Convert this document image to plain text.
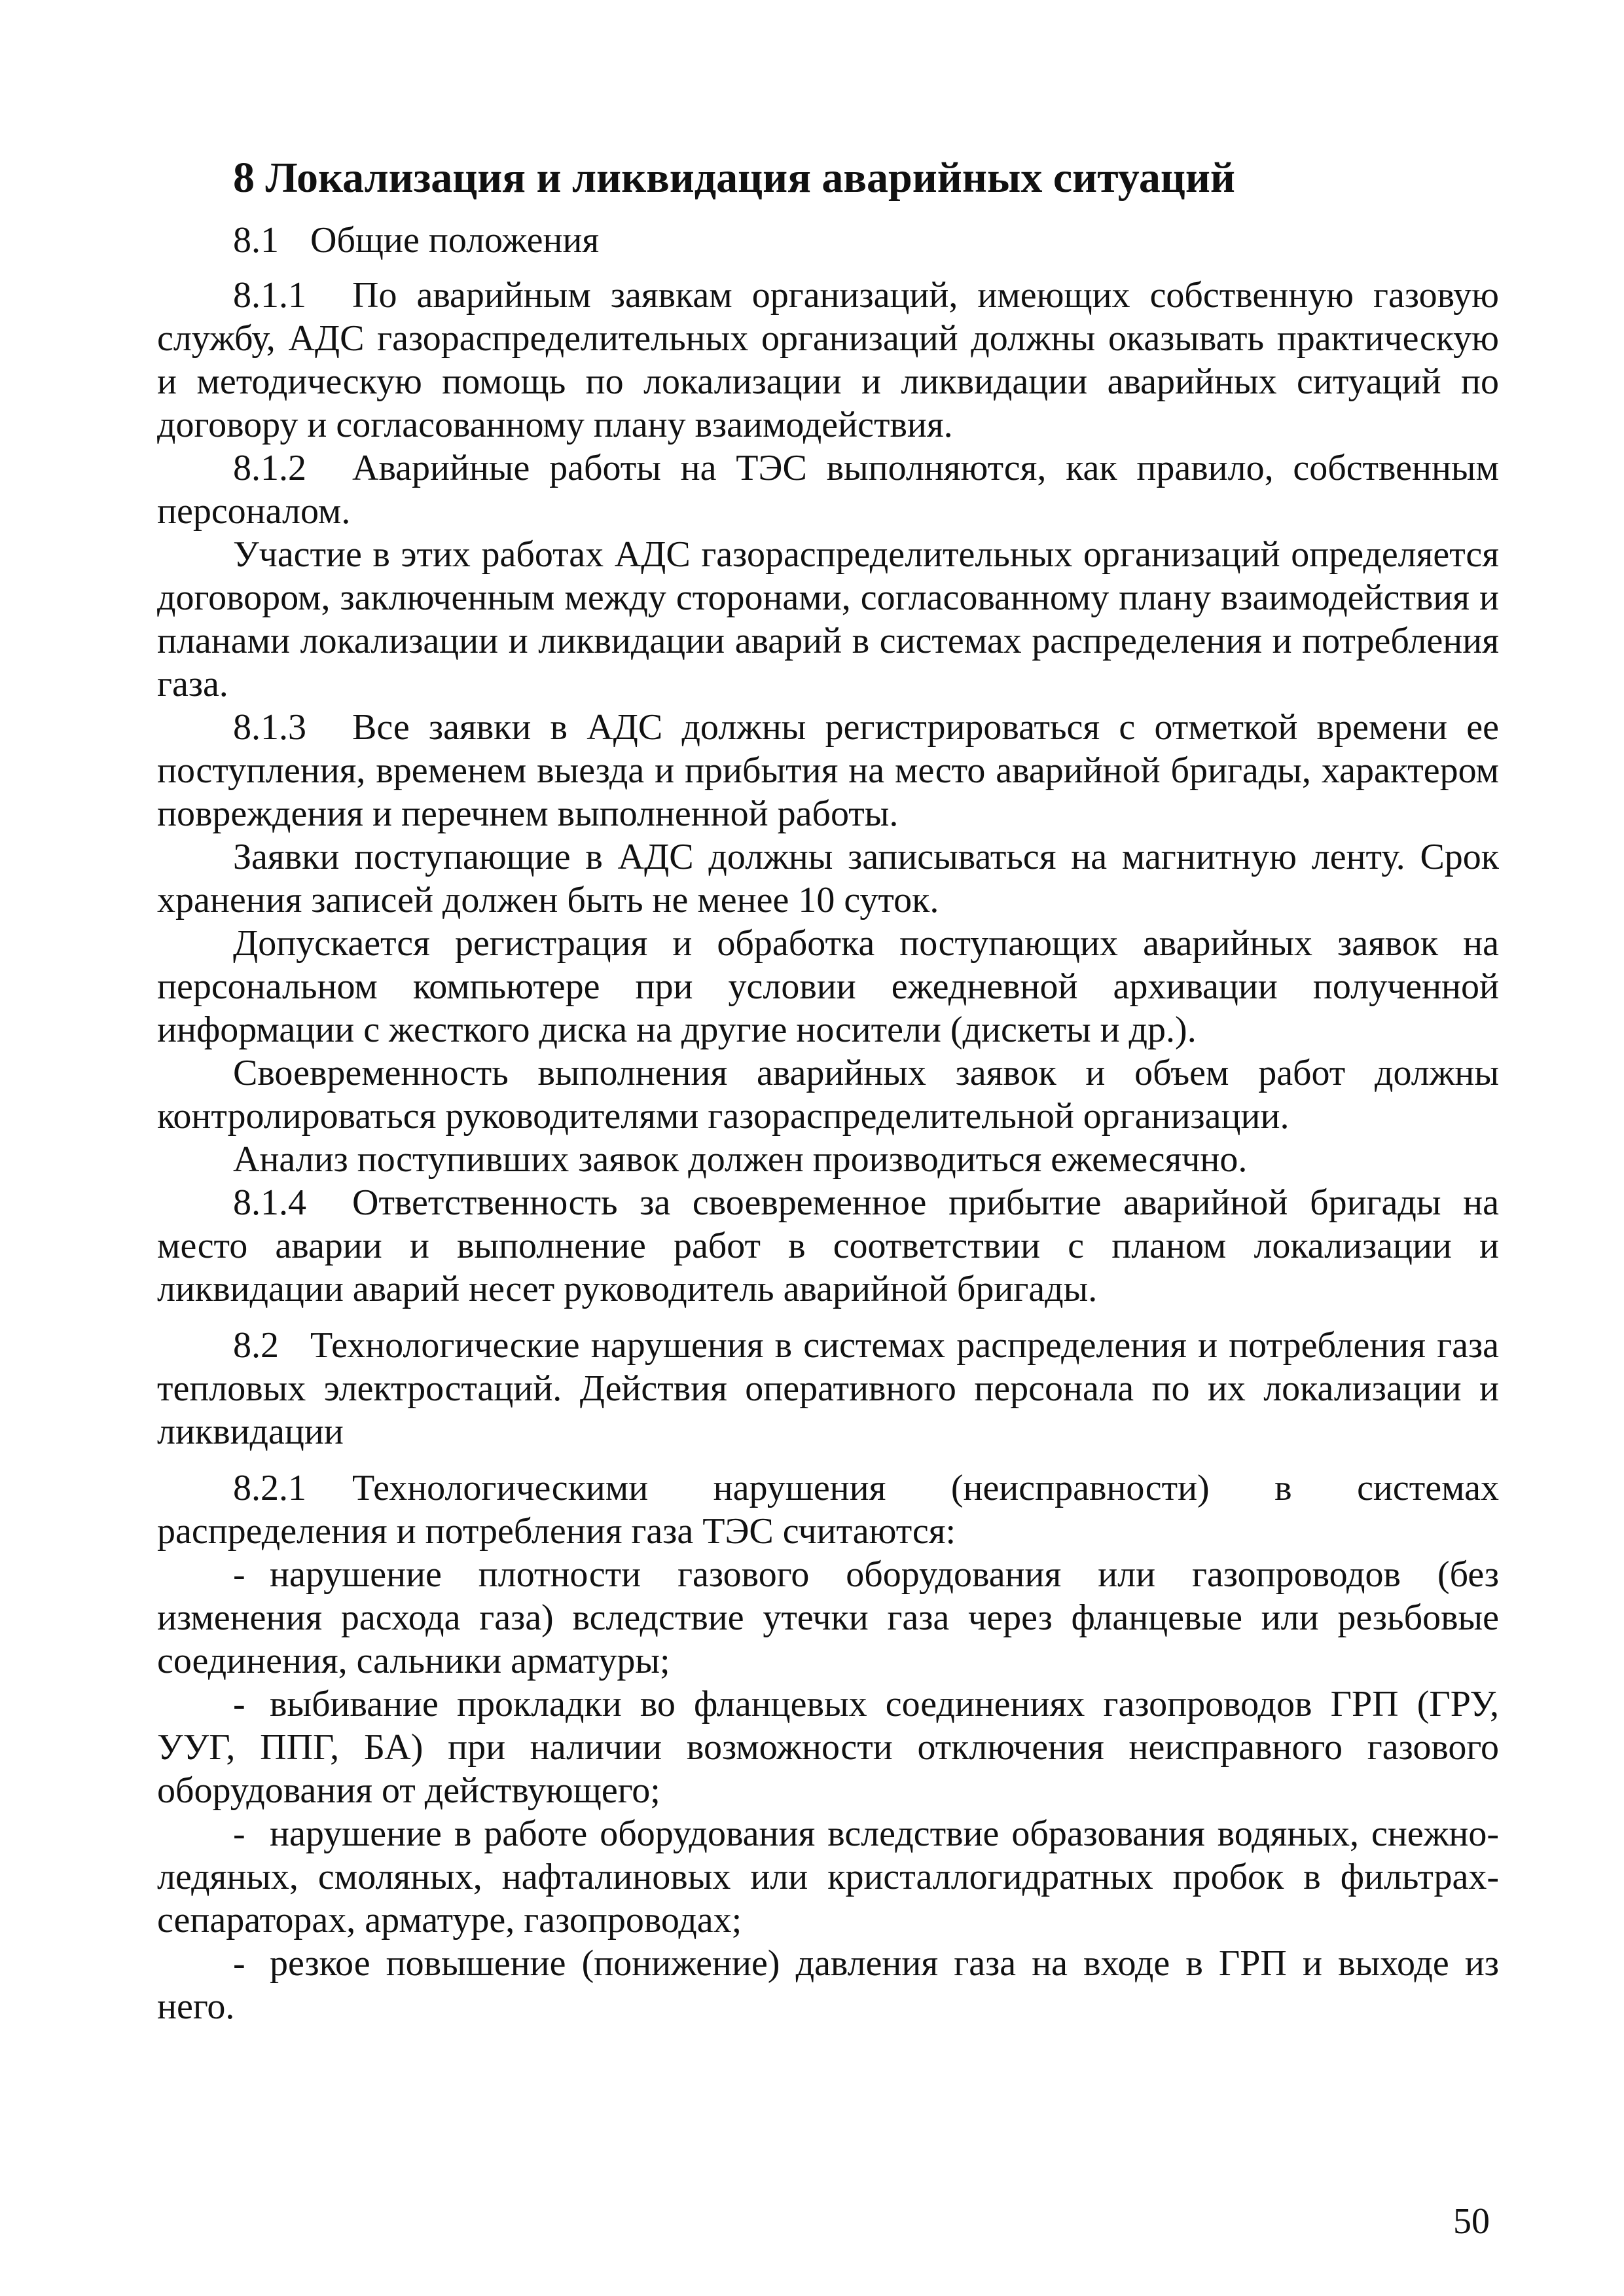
8 Локализация и ликвидация аварийных ситуаций
8.1 Общие положения

8.1.1 По аварийным заявкам организаций, имеющих собственную газовую службу, АДС газораспределительных организаций должны оказывать практическую и методическую помощь по локализации и ликвидации аварийных ситуаций по договору и согласованному плану взаимодействия.

8.1.2 Аварийные работы на ТЭС выполняются, как правило, собственным персоналом.

Участие в этих работах АДС газораспределительных организаций определяется договором, заключенным между сторонами, согласованному плану взаимодействия и планами локализации и ликвидации аварий в системах распределения и потребления газа.

8.1.3 Все заявки в АДС должны регистрироваться с отметкой времени ее поступления, временем выезда и прибытия на место аварийной бригады, характером повреждения и перечнем выполненной работы.

Заявки поступающие в АДС должны записываться на магнитную ленту. Срок хранения записей должен быть не менее 10 суток.

Допускается регистрация и обработка поступающих аварийных заявок на персональном компьютере при условии ежедневной архивации полученной информации с жесткого диска на другие носители (дискеты и др.).

Своевременность выполнения аварийных заявок и объем работ должны контролироваться руководителями газораспределительной организации.

Анализ поступивших заявок должен производиться ежемесячно.

8.1.4 Ответственность за своевременное прибытие аварийной бригады на место аварии и выполнение работ в соответствии с планом локализации и ликвидации аварий несет руководитель аварийной бригады.

8.2 Технологические нарушения в системах распределения и потребления газа тепловых электростаций. Действия оперативного персонала по их локализации и ликвидации

8.2.1 Технологическими нарушения (неисправности) в системах распределения и потребления газа ТЭС считаются:

- нарушение плотности газового оборудования или газопроводов (без изменения расхода газа) вследствие утечки газа через фланцевые или резьбовые соединения, сальники арматуры;

- выбивание прокладки во фланцевых соединениях газопроводов ГРП (ГРУ, УУГ, ППГ, БА) при наличии возможности отключения неисправного газового оборудования от действующего;

- нарушение в работе оборудования вследствие образования водяных, снежно-ледяных, смоляных, нафталиновых или кристаллогидратных пробок в фильтрах-сепараторах, арматуре, газопроводах;

- резкое повышение (понижение) давления газа на входе в ГРП и выходе из него.

50
